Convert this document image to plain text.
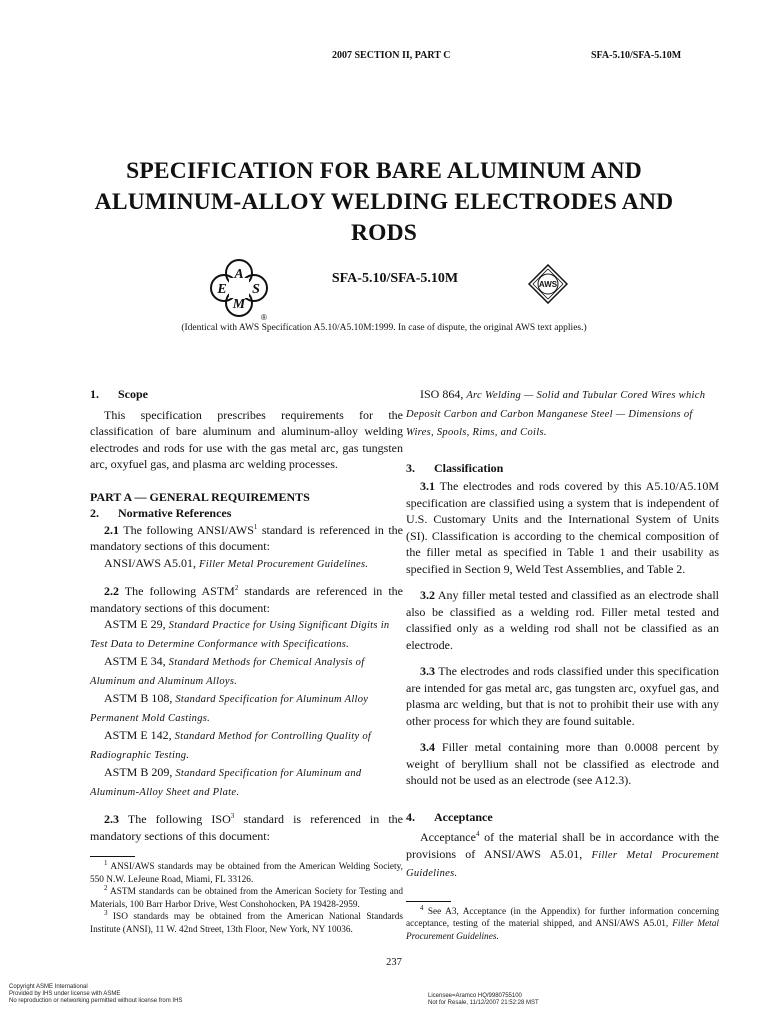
2007 SECTION II, PART C	SFA-5.10/SFA-5.10M
SPECIFICATION FOR BARE ALUMINUM AND ALUMINUM-ALLOY WELDING ELECTRODES AND RODS
A
E S
M
®
SFA-5.10/SFA-5.10M	AWS
(Identical with AWS Specification A5.10/A5.10M:1999. In case of dispute, the original AWS text applies.)

1. Scope

This specification prescribes requirements for the classification of bare aluminum and aluminum-alloy welding electrodes and rods for use with the gas metal arc, gas tungsten arc, oxyfuel gas, and plasma arc welding processes.

PART A — GENERAL REQUIREMENTS

2. Normative References

2.1 The following ANSI/AWS$^1$ standard is referenced in the mandatory sections of this document:

ANSI/AWS A5.01, Filler Metal Procurement Guidelines.

2.2 The following ASTM$^2$ standards are referenced in the mandatory sections of this document:

ASTM E 29, Standard Practice for Using Significant Digits in Test Data to Determine Conformance with Specifications.

ASTM E 34, Standard Methods for Chemical Analysis of Aluminum and Aluminum Alloys.

ASTM B 108, Standard Specification for Aluminum Alloy Permanent Mold Castings.

ASTM E 142, Standard Method for Controlling Quality of Radiographic Testing.

ASTM B 209, Standard Specification for Aluminum and Aluminum-Alloy Sheet and Plate.

2.3 The following ISO$^3$ standard is referenced in the mandatory sections of this document:

$^1$ ANSI/AWS standards may be obtained from the American Welding Society, 550 N.W. LeJeune Road, Miami, FL 33126.

$^2$ ASTM standards can be obtained from the American Society for Testing and Materials, 100 Barr Harbor Drive, West Conshohocken, PA 19428-2959.

$^3$ ISO standards may be obtained from the American National Standards Institute (ANSI), 11 W. 42nd Street, 13th Floor, New York, NY 10036.

ISO 864, Arc Welding — Solid and Tubular Cored Wires which Deposit Carbon and Carbon Manganese Steel — Dimensions of Wires, Spools, Rims, and Coils.

3. Classification

3.1 The electrodes and rods covered by this A5.10/A5.10M specification are classified using a system that is independent of U.S. Customary Units and the International System of Units (SI). Classification is according to the chemical composition of the filler metal as specified in Table 1 and their usability as specified in Section 9, Weld Test Assemblies, and Table 2.

3.2 Any filler metal tested and classified as an electrode shall also be classified as a welding rod. Filler metal tested and classified only as a welding rod shall not be classified as an electrode.

3.3 The electrodes and rods classified under this specification are intended for gas metal arc, gas tungsten arc, oxyfuel gas, and plasma arc welding, but that is not to prohibit their use with any other process for which they are found suitable.

3.4 Filler metal containing more than 0.0008 percent by weight of beryllium shall not be classified as electrode and should not be used as an electrode (see A12.3).

4. Acceptance

Acceptance$^4$ of the material shall be in accordance with the provisions of ANSI/AWS A5.01, Filler Metal Procurement Guidelines.

$^4$ See A3, Acceptance (in the Appendix) for further information concerning acceptance, testing of the material shipped, and ANSI/AWS A5.01, Filler Metal Procurement Guidelines.

237
Copyright ASME International
Provided by IHS under license with ASME
No reproduction or networking permitted without license from IHS
Licensee=Aramco HQ/9980755100
Not for Resale, 11/12/2007 21:52:28 MST
